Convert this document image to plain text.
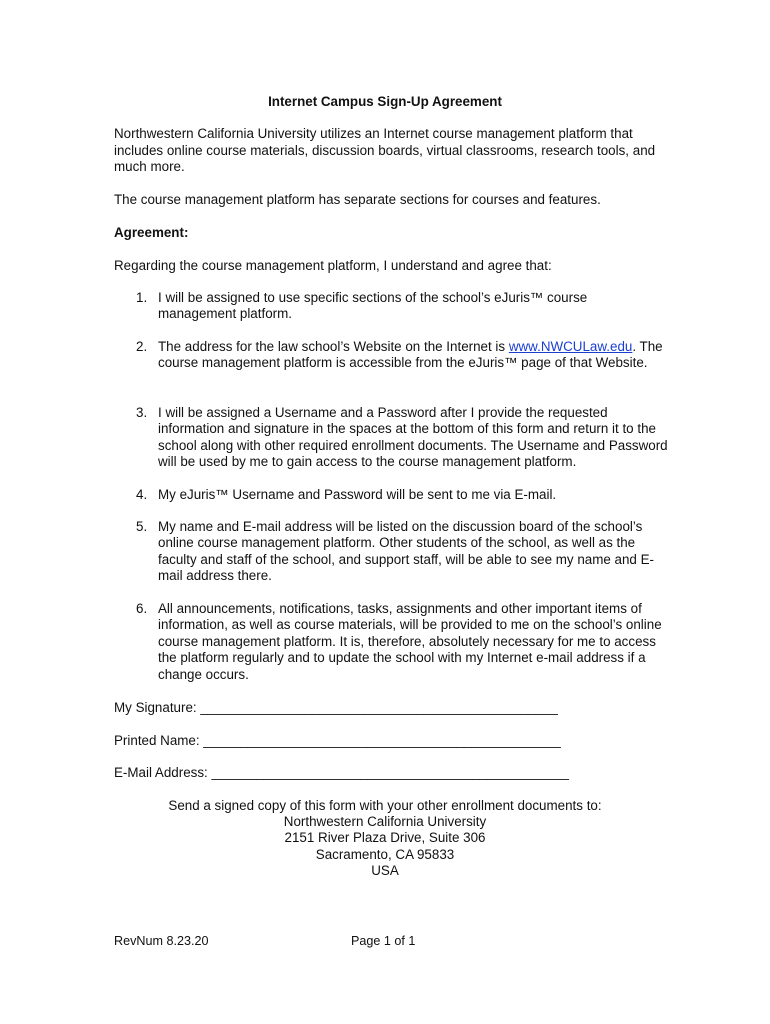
Internet Campus Sign-Up Agreement
Northwestern California University utilizes an Internet course management platform that includes online course materials, discussion boards, virtual classrooms, research tools, and much more.
The course management platform has separate sections for courses and features.
Agreement:
Regarding the course management platform, I understand and agree that:
1. I will be assigned to use specific sections of the school’s eJuris™ course management platform.
2. The address for the law school’s Website on the Internet is www.NWCULaw.edu. The course management platform is accessible from the eJuris™ page of that Website.
3. I will be assigned a Username and a Password after I provide the requested information and signature in the spaces at the bottom of this form and return it to the school along with other required enrollment documents. The Username and Password will be used by me to gain access to the course management platform.
4. My eJuris™ Username and Password will be sent to me via E-mail.
5. My name and E-mail address will be listed on the discussion board of the school’s online course management platform. Other students of the school, as well as the faculty and staff of the school, and support staff, will be able to see my name and E-mail address there.
6. All announcements, notifications, tasks, assignments and other important items of information, as well as course materials, will be provided to me on the school’s online course management platform. It is, therefore, absolutely necessary for me to access the platform regularly and to update the school with my Internet e-mail address if a change occurs.
My Signature: ________________________________________________
Printed Name: ________________________________________________
E-Mail Address: ________________________________________________
Send a signed copy of this form with your other enrollment documents to:
Northwestern California University
2151 River Plaza Drive, Suite 306
Sacramento, CA 95833
USA
RevNum 8.23.20	Page 1 of 1
